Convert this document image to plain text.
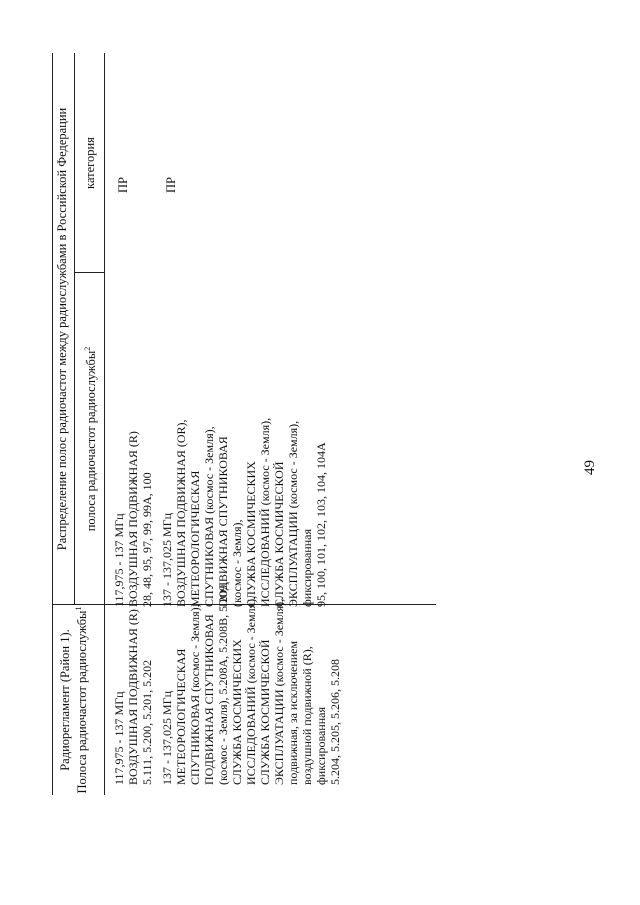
49
Радиорегламент (Район 1). Полоса радиочастот радиослужбы$^1$
Распределение полос радиочастот между радиослужбами в Российской Федерации полоса радиочастот радиослужбы$^2$
категория
117,975 - 137 МГц ВОЗДУШНАЯ ПОДВИЖНАЯ (R) 5.111, 5.200, 5.201, 5.202
117,975 - 137 МГц ВОЗДУШНАЯ ПОДВИЖНАЯ (R) 28, 48, 95, 97, 99, 99А, 100
ПР
137 - 137,025 МГц МЕТЕОРОЛОГИЧЕСКАЯ СПУТНИКОВАЯ (космос - Земля), ПОДВИЖНАЯ СПУТНИКОВАЯ (космос - Земля), 5.208А, 5.208В, 5.209, СЛУЖБА КОСМИЧЕСКИХ ИССЛЕДОВАНИЙ (космос - Земля), СЛУЖБА КОСМИЧЕСКОЙ ЭКСПЛУАТАЦИИ (космос - Земля), подвижная, за исключением воздушной подвижной (R), фиксированная 5.204, 5.205, 5.206, 5.208
137 - 137,025 МГц ВОЗДУШНАЯ ПОДВИЖНАЯ (OR), МЕТЕОРОЛОГИЧЕСКАЯ СПУТНИКОВАЯ (космос - Земля), ПОДВИЖНАЯ СПУТНИКОВАЯ (космос - Земля), СЛУЖБА КОСМИЧЕСКИХ ИССЛЕДОВАНИЙ (космос - Земля), СЛУЖБА КОСМИЧЕСКОЙ ЭКСПЛУАТАЦИИ (космос - Земля), фиксированная 95, 100, 101, 102, 103, 104, 104А
ПР
